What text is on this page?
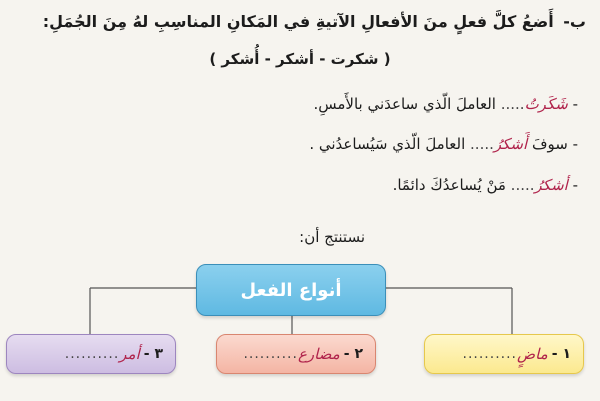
ب- أَضعُ كلَّ فعلٍ منَ الأفعالِ الآتيةِ في المَكانِ المناسِبِ لهُ مِنَ الجُمَلِ:
( شكرت - أشكر - أُشكر )
- شَكَرتُ..... العاملَ الّذي ساعدَني بالأَمسِ.
- سوفَ أَشكرُ..... العاملَ الّذي سَيُساعدُني .
- أشكرُ..... مَنْ يُساعدُكَ دائمًا.
نستنتج أن:
أنواع الفعل
١ -
ماضٍ
..........
٢ -
مضارع
..........
٣ -
أمر
..........
